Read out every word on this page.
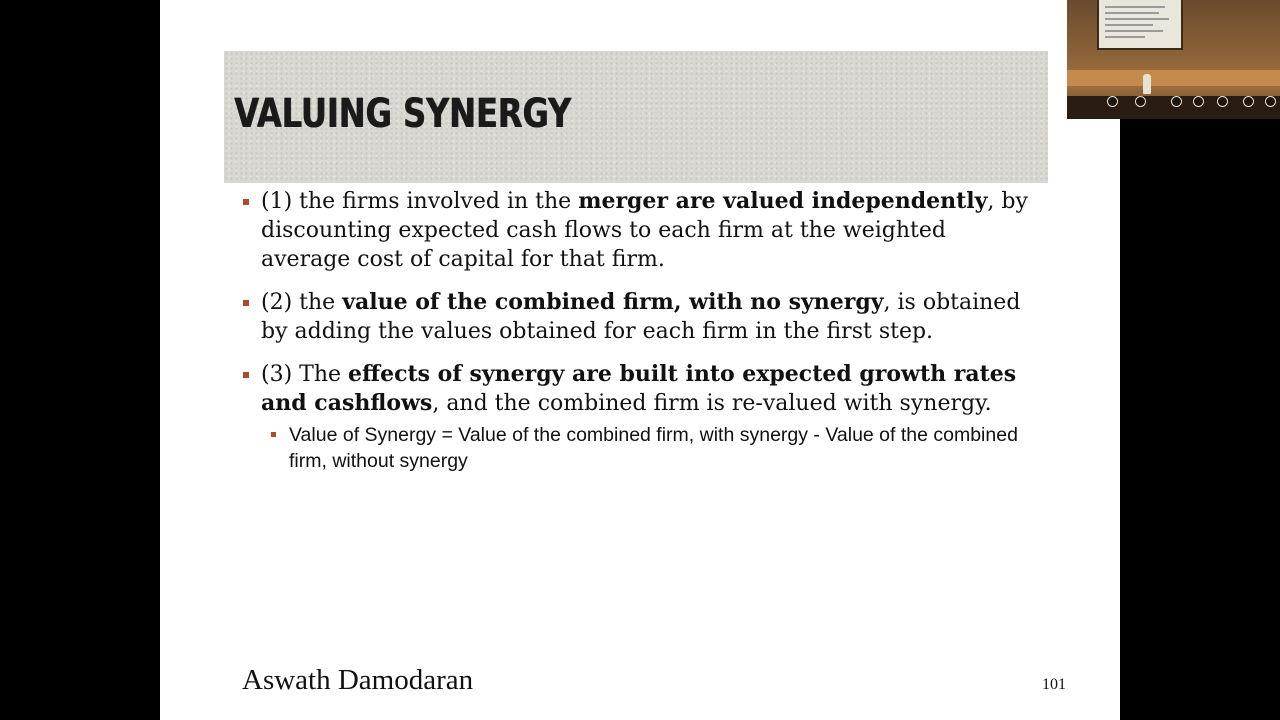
VALUING SYNERGY
(1) the firms involved in the merger are valued independently, by discounting expected cash flows to each firm at the weighted average cost of capital for that firm.
(2) the value of the combined firm, with no synergy, is obtained by adding the values obtained for each firm in the first step.
(3) The effects of synergy are built into expected growth rates and cashflows, and the combined firm is re-valued with synergy.
Value of Synergy = Value of the combined firm, with synergy - Value of the combined firm, without synergy
Aswath Damodaran	101
